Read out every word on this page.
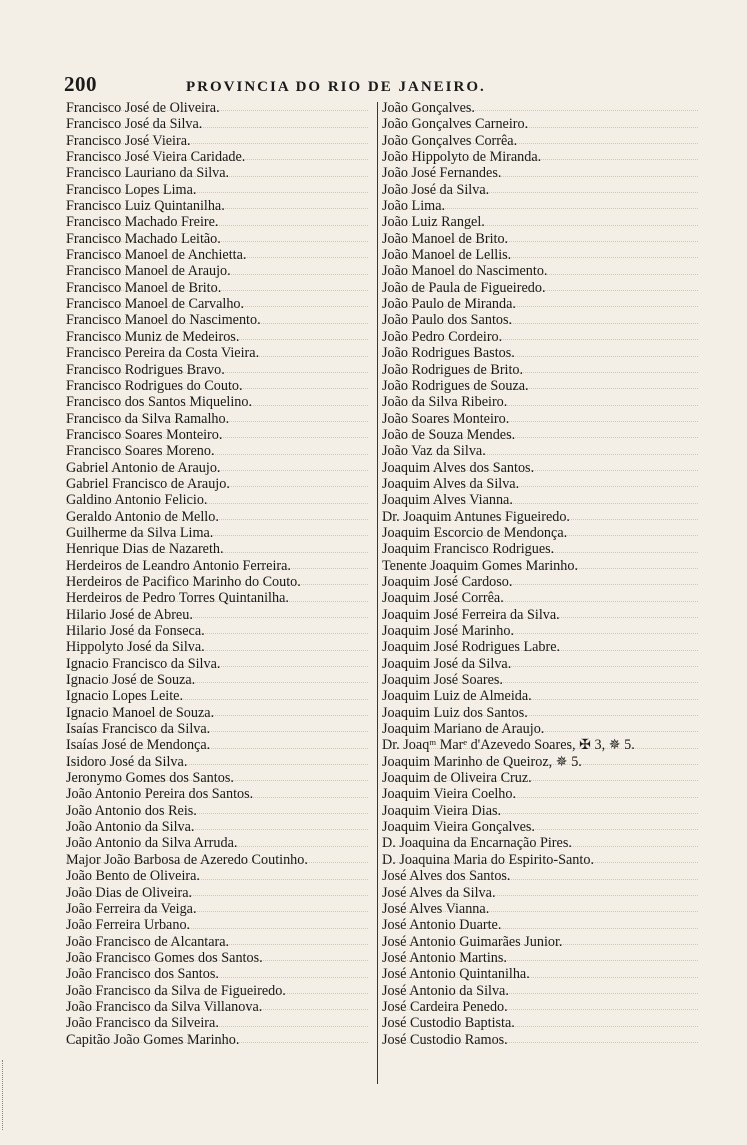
200	PROVINCIA DO RIO DE JANEIRO.
Francisco José de Oliveira.
Francisco José da Silva.
Francisco José Vieira.
Francisco José Vieira Caridade.
Francisco Lauriano da Silva.
Francisco Lopes Lima.
Francisco Luiz Quintanilha.
Francisco Machado Freire.
Francisco Machado Leitão.
Francisco Manoel de Anchietta.
Francisco Manoel de Araujo.
Francisco Manoel de Brito.
Francisco Manoel de Carvalho.
Francisco Manoel do Nascimento.
Francisco Muniz de Medeiros.
Francisco Pereira da Costa Vieira.
Francisco Rodrigues Bravo.
Francisco Rodrigues do Couto.
Francisco dos Santos Miquelino.
Francisco da Silva Ramalho.
Francisco Soares Monteiro.
Francisco Soares Moreno.
Gabriel Antonio de Araujo.
Gabriel Francisco de Araujo.
Galdino Antonio Felicio.
Geraldo Antonio de Mello.
Guilherme da Silva Lima.
Henrique Dias de Nazareth.
Herdeiros de Leandro Antonio Ferreira.
Herdeiros de Pacifico Marinho do Couto.
Herdeiros de Pedro Torres Quintanilha.
Hilario José de Abreu.
Hilario José da Fonseca.
Hippolyto José da Silva.
Ignacio Francisco da Silva.
Ignacio José de Souza.
Ignacio Lopes Leite.
Ignacio Manoel de Souza.
Isaías Francisco da Silva.
Isaías José de Mendonça.
Isidoro José da Silva.
Jeronymo Gomes dos Santos.
João Antonio Pereira dos Santos.
João Antonio dos Reis.
João Antonio da Silva.
João Antonio da Silva Arruda.
Major João Barbosa de Azeredo Coutinho.
João Bento de Oliveira.
João Dias de Oliveira.
João Ferreira da Veiga.
João Ferreira Urbano.
João Francisco de Alcantara.
João Francisco Gomes dos Santos.
João Francisco dos Santos.
João Francisco da Silva de Figueiredo.
João Francisco da Silva Villanova.
João Francisco da Silveira.
Capitão João Gomes Marinho.
João Gonçalves.
João Gonçalves Carneiro.
João Gonçalves Corrêa.
João Hippolyto de Miranda.
João José Fernandes.
João José da Silva.
João Lima.
João Luiz Rangel.
João Manoel de Brito.
João Manoel de Lellis.
João Manoel do Nascimento.
João de Paula de Figueiredo.
João Paulo de Miranda.
João Paulo dos Santos.
João Pedro Cordeiro.
João Rodrigues Bastos.
João Rodrigues de Brito.
João Rodrigues de Souza.
João da Silva Ribeiro.
João Soares Monteiro.
João de Souza Mendes.
João Vaz da Silva.
Joaquim Alves dos Santos.
Joaquim Alves da Silva.
Joaquim Alves Vianna.
Dr. Joaquim Antunes Figueiredo.
Joaquim Escorcio de Mendonça.
Joaquim Francisco Rodrigues.
Tenente Joaquim Gomes Marinho.
Joaquim José Cardoso.
Joaquim José Corrêa.
Joaquim José Ferreira da Silva.
Joaquim José Marinho.
Joaquim José Rodrigues Labre.
Joaquim José da Silva.
Joaquim José Soares.
Joaquim Luiz de Almeida.
Joaquim Luiz dos Santos.
Joaquim Mariano de Araujo.
Dr. Joaqᵐ Marᵉ d'Azevedo Soares, ✠ 3, ✵ 5.
Joaquim Marinho de Queiroz, ✵ 5.
Joaquim de Oliveira Cruz.
Joaquim Vieira Coelho.
Joaquim Vieira Dias.
Joaquim Vieira Gonçalves.
D. Joaquina da Encarnação Pires.
D. Joaquina Maria do Espirito-Santo.
José Alves dos Santos.
José Alves da Silva.
José Alves Vianna.
José Antonio Duarte.
José Antonio Guimarães Junior.
José Antonio Martins.
José Antonio Quintanilha.
José Antonio da Silva.
José Cardeira Penedo.
José Custodio Baptista.
José Custodio Ramos.
